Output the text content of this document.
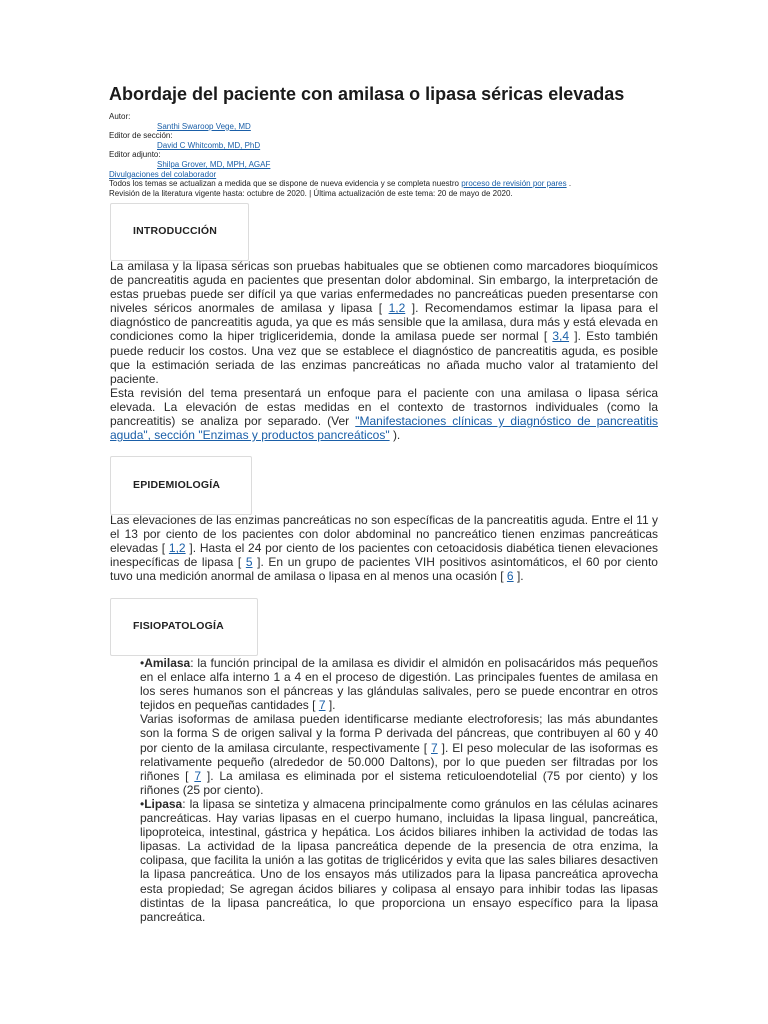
Abordaje del paciente con amilasa o lipasa séricas elevadas
Autor:
Santhi Swaroop Vege, MD
Editor de sección:
David C Whitcomb, MD, PhD
Editor adjunto:
Shilpa Grover, MD, MPH, AGAF
Divulgaciones del colaborador
Todos los temas se actualizan a medida que se dispone de nueva evidencia y se completa nuestro proceso de revisión por pares .
Revisión de la literatura vigente hasta: octubre de 2020. | Última actualización de este tema: 20 de mayo de 2020.
INTRODUCCIÓN

La amilasa y la lipasa séricas son pruebas habituales que se obtienen como marcadores bioquímicos de pancreatitis aguda en pacientes que presentan dolor abdominal. Sin embargo, la interpretación de estas pruebas puede ser difícil ya que varias enfermedades no pancreáticas pueden presentarse con niveles séricos anormales de amilasa y lipasa [ 1,2 ]. Recomendamos estimar la lipasa para el diagnóstico de pancreatitis aguda, ya que es más sensible que la amilasa, dura más y está elevada en condiciones como la hiper trigliceridemia, donde la amilasa puede ser normal [ 3,4 ]. Esto también puede reducir los costos. Una vez que se establece el diagnóstico de pancreatitis aguda, es posible que la estimación seriada de las enzimas pancreáticas no añada mucho valor al tratamiento del paciente.

Esta revisión del tema presentará un enfoque para el paciente con una amilasa o lipasa sérica elevada. La elevación de estas medidas en el contexto de trastornos individuales (como la pancreatitis) se analiza por separado. (Ver "Manifestaciones clínicas y diagnóstico de pancreatitis aguda", sección "Enzimas y productos pancreáticos" ).

EPIDEMIOLOGÍA

Las elevaciones de las enzimas pancreáticas no son específicas de la pancreatitis aguda. Entre el 11 y el 13 por ciento de los pacientes con dolor abdominal no pancreático tienen enzimas pancreáticas elevadas [ 1,2 ]. Hasta el 24 por ciento de los pacientes con cetoacidosis diabética tienen elevaciones inespecíficas de lipasa [ 5 ]. En un grupo de pacientes VIH positivos asintomáticos, el 60 por ciento tuvo una medición anormal de amilasa o lipasa en al menos una ocasión [ 6 ].

FISIOPATOLOGÍA

•Amilasa: la función principal de la amilasa es dividir el almidón en polisacáridos más pequeños en el enlace alfa interno 1 a 4 en el proceso de digestión. Las principales fuentes de amilasa en los seres humanos son el páncreas y las glándulas salivales, pero se puede encontrar en otros tejidos en pequeñas cantidades [ 7 ].

Varias isoformas de amilasa pueden identificarse mediante electroforesis; las más abundantes son la forma S de origen salival y la forma P derivada del páncreas, que contribuyen al 60 y 40 por ciento de la amilasa circulante, respectivamente [ 7 ]. El peso molecular de las isoformas es relativamente pequeño (alrededor de 50.000 Daltons), por lo que pueden ser filtradas por los riñones [ 7 ]. La amilasa es eliminada por el sistema reticuloendotelial (75 por ciento) y los riñones (25 por ciento).

•Lipasa: la lipasa se sintetiza y almacena principalmente como gránulos en las células acinares pancreáticas. Hay varias lipasas en el cuerpo humano, incluidas la lipasa lingual, pancreática, lipoproteica, intestinal, gástrica y hepática. Los ácidos biliares inhiben la actividad de todas las lipasas. La actividad de la lipasa pancreática depende de la presencia de otra enzima, la colipasa, que facilita la unión a las gotitas de triglicéridos y evita que las sales biliares desactiven la lipasa pancreática. Uno de los ensayos más utilizados para la lipasa pancreática aprovecha esta propiedad; Se agregan ácidos biliares y colipasa al ensayo para inhibir todas las lipasas distintas de la lipasa pancreática, lo que proporciona un ensayo específico para la lipasa pancreática.
